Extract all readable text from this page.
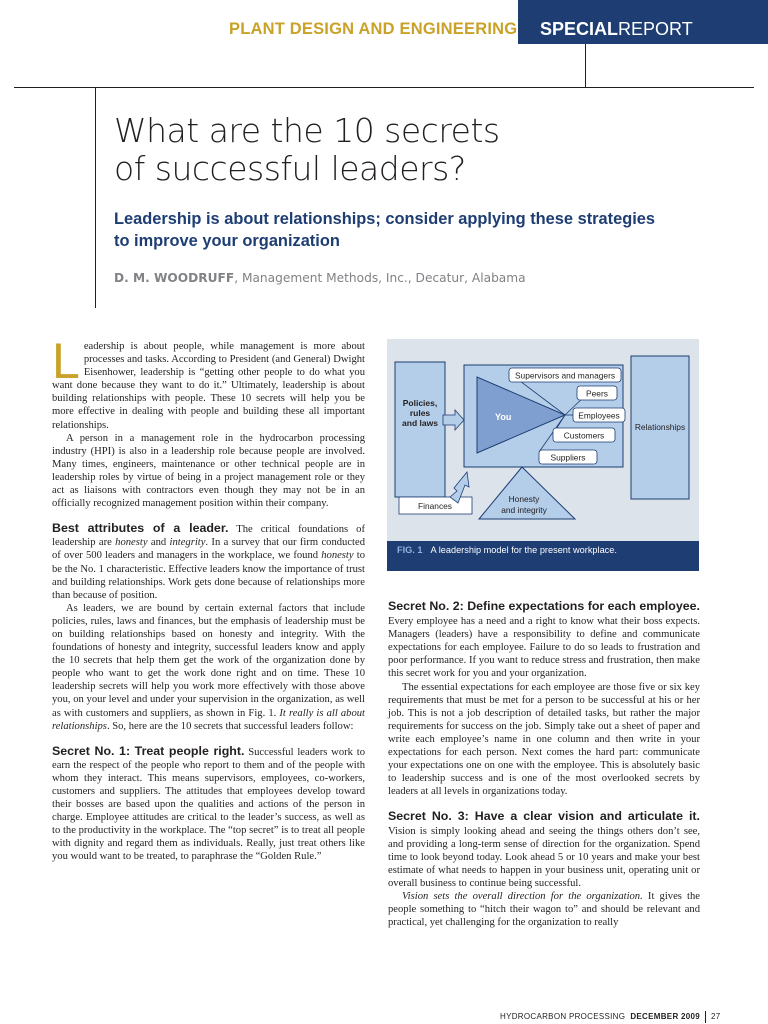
PLANT DESIGN AND ENGINEERING	SPECIALREPORT
What are the 10 secrets
of successful leaders?
Leadership is about relationships; consider applying these strategies
to improve your organization
D. M. WOODRUFF, Management Methods, Inc., Decatur, Alabama

Leadership is about people, while management is more about processes and tasks. According to President (and General) Dwight Eisenhower, leadership is “getting other people to do what you want done because they want to do it.” Ultimately, leadership is about building relationships with people. These 10 secrets will help you be more effective in dealing with people and building these all important relationships.

A person in a management role in the hydrocarbon processing industry (HPI) is also in a leadership role because people are involved. Many times, engineers, maintenance or other technical people are in leadership roles by virtue of being in a project management role or they act as liaisons with contractors even though they may not be in an officially recognized management position within their company.

Best attributes of a leader. The critical foundations of leadership are honesty and integrity. In a survey that our firm conducted of over 500 leaders and managers in the workplace, we found honesty to be the No. 1 characteristic. Effective leaders know the importance of trust and building relationships. Work gets done because of relationships more than because of position.

As leaders, we are bound by certain external factors that include policies, rules, laws and finances, but the emphasis of leadership must be on building relationships based on honesty and integrity. With the foundations of honesty and integrity, successful leaders know and apply the 10 secrets that help them get the work of the organization done by people who want to get the work done right and on time. These 10 leadership secrets will help you work more effectively with those above you, on your level and under your supervision in the organization, as well as with customers and suppliers, as shown in Fig. 1. It really is all about relationships. So, here are the 10 secrets that successful leaders follow:

Secret No. 1: Treat people right. Successful leaders work to earn the respect of the people who report to them and of the people with whom they interact. This means supervisors, employees, co-workers, customers and suppliers. The attitudes that employees develop toward their bosses are based upon the qualities and actions of the person in charge. Employee attitudes are critical to the leader’s success, as well as to the productivity in the workplace. The “top secret” is to treat all people with dignity and regard them as individuals. Really, just treat others like you would want to be treated, to paraphrase the “Golden Rule.”

You
Supervisors and managers
Peers
Employees
Customers
Suppliers
Policies,
rules
and laws	Relationships
Finances
Honesty
and integrity
FIG. 1 A leadership model for the present workplace.

Secret No. 2: Define expectations for each employee.

Every employee has a need and a right to know what their boss expects. Managers (leaders) have a responsibility to define and communicate expectations for each employee. Failure to do so leads to frustration and poor performance. If you want to reduce stress and frustration, then make this secret work for you and your organization.

The essential expectations for each employee are those five or six key requirements that must be met for a person to be successful at his or her job. This is not a job description of detailed tasks, but rather the major requirements for success on the job. Simply take out a sheet of paper and write each employee’s name in one column and then write in your expectations for each person. Next comes the hard part: communicate your expectations one on one with the employee. This is absolutely basic to leadership success and is one of the most overlooked secrets by leaders at all levels in organizations today.

Secret No. 3: Have a clear vision and articulate it. Vision is simply looking ahead and seeing the things others don’t see, and providing a long-term sense of direction for the organization. Spend time to look beyond today. Look ahead 5 or 10 years and make your best estimate of what needs to happen in your business unit, operating unit or overall business to continue being successful.

Vision sets the overall direction for the organization. It gives the people something to “hitch their wagon to” and should be relevant and practical, yet challenging for the organization to really

HYDROCARBON PROCESSING DECEMBER 2009 27
